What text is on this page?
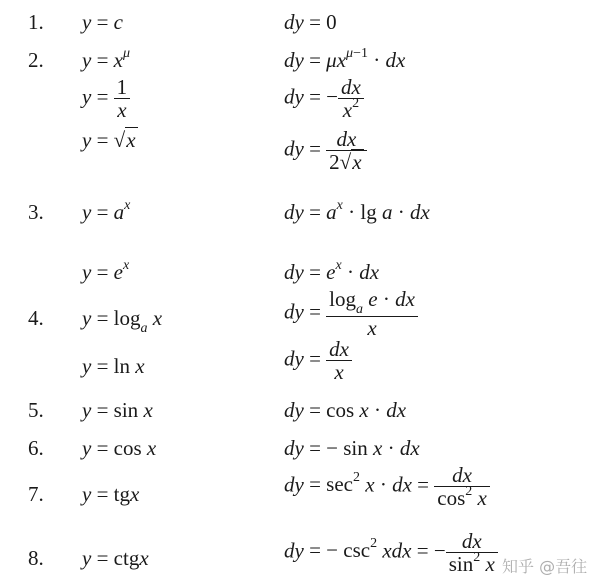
1. y = c	dy = 0
2. $y = x^\mu$	dy = $\mu x^{\mu-1}$ · dx
$y = \frac{1}{x}$	dy = − $\frac{dx}{x^2}$
y = √x	dy = $\frac{dx}{2√x}$
3. $y = a^x$	dy = $a^x \cdot \lg a$ · dx
$y = e^x$	dy = $e^x$ · dx
4. $y = \log_a x$	dy = $\frac{\log_a e \cdot dx}{x}$
y = ln x	dy = $\frac{dx}{x}$
5. y = sin x	dy = cos x · dx
6. y = cos x	dy = − sin x · dx
7. y = tgx	dy = $\sec^2 x$ · dx = $\frac{dx}{\cos^2 x}$
8. y = ctgx	dy = − $\csc^2$ xdx = − $\frac{dx}{\sin^2 x}$ 知乎 @吾往
